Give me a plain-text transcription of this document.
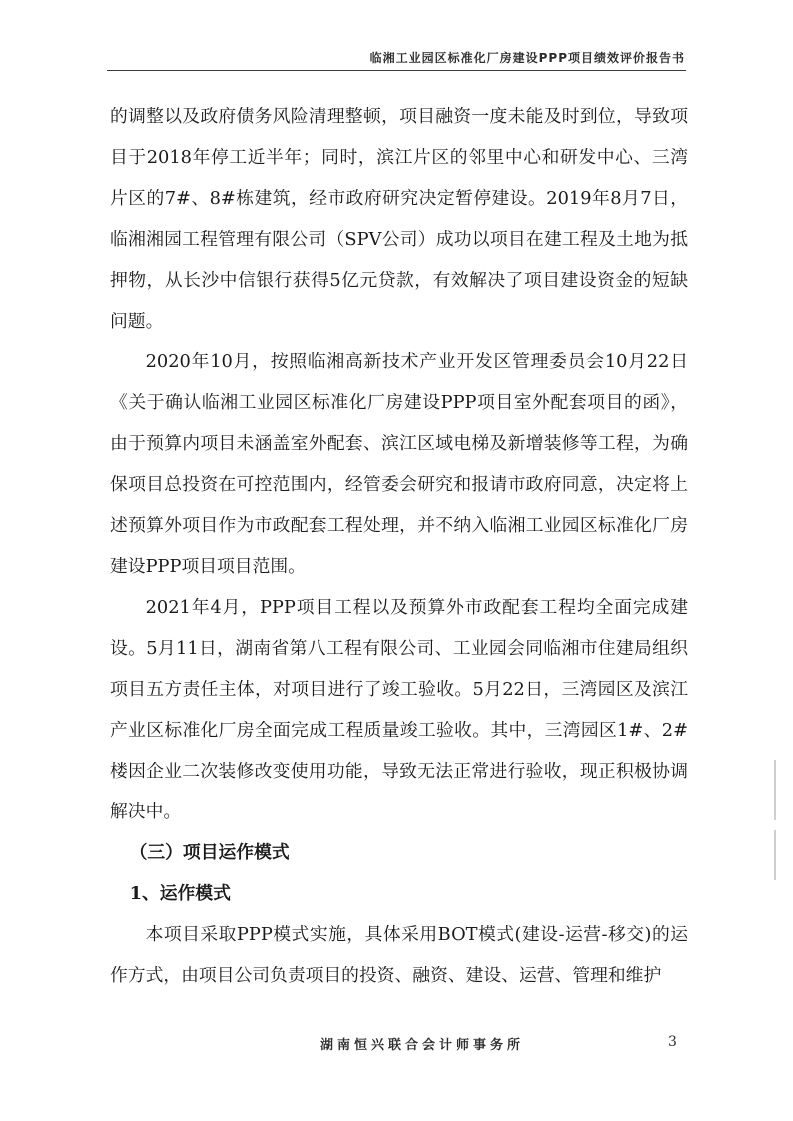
临湘工业园区标准化厂房建设PPP项目绩效评价报告书

的调整以及政府债务风险清理整顿，项目融资一度未能及时到位，导致项目于2018年停工近半年；同时，滨江片区的邻里中心和研发中心、三湾片区的7#、8#栋建筑，经市政府研究决定暂停建设。2019年8月7日，临湘湘园工程管理有限公司（SPV公司）成功以项目在建工程及土地为抵押物，从长沙中信银行获得5亿元贷款，有效解决了项目建设资金的短缺问题。

2020年10月，按照临湘高新技术产业开发区管理委员会10月22日《关于确认临湘工业园区标准化厂房建设PPP项目室外配套项目的函》，由于预算内项目未涵盖室外配套、滨江区域电梯及新增装修等工程，为确保项目总投资在可控范围内，经管委会研究和报请市政府同意，决定将上述预算外项目作为市政配套工程处理，并不纳入临湘工业园区标准化厂房建设PPP项目项目范围。

2021年4月，PPP项目工程以及预算外市政配套工程均全面完成建设。5月11日，湖南省第八工程有限公司、工业园会同临湘市住建局组织项目五方责任主体，对项目进行了竣工验收。5月22日，三湾园区及滨江产业区标准化厂房全面完成工程质量竣工验收。其中，三湾园区1#、2#楼因企业二次装修改变使用功能，导致无法正常进行验收，现正积极协调解决中。

（三）项目运作模式

1、运作模式

本项目采取PPP模式实施，具体采用BOT模式(建设-运营-移交)的运作方式，由项目公司负责项目的投资、融资、建设、运营、管理和维护

湖南恒兴联合会计师事务所	3
